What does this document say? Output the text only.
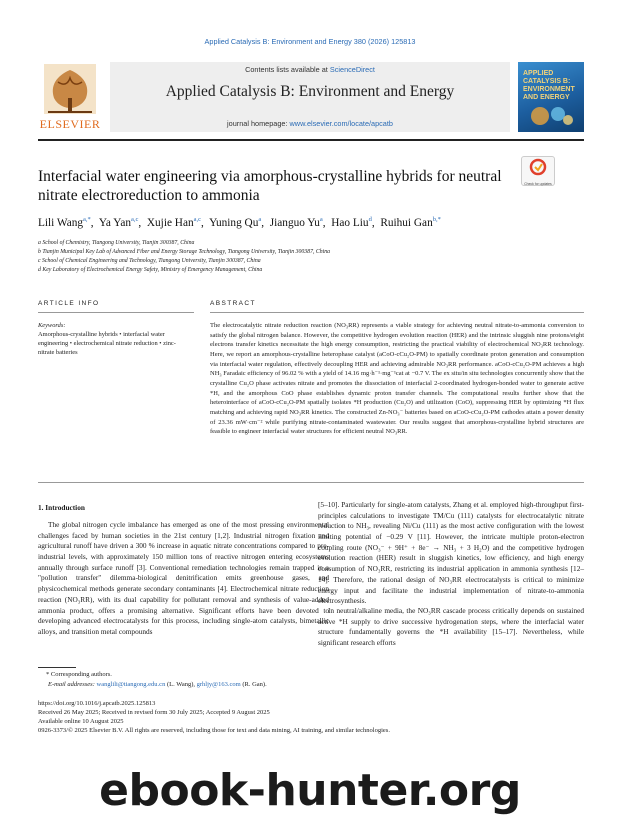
Applied Catalysis B: Environment and Energy 380 (2026) 125813
ELSEVIER
Contents lists available at ScienceDirect
Applied Catalysis B: Environment and Energy
journal homepage: www.elsevier.com/locate/apcatb
APPLIED CATALYSIS B: ENVIRONMENT AND ENERGY
Interfacial water engineering via amorphous-crystalline hybrids for neutral nitrate electroreduction to ammonia
Check for updates
Lili Wang$^{a,*}$,  Ya Yan$^{a,c}$,  Xujie Han$^{a,c}$,  Yuning Qu$^a$,  Jianguo Yu$^a$,  Hao Liu$^d$,  Ruihui Gan$^{b,*}$
a School of Chemistry, Tiangong University, Tianjin 300387, China
b Tianjin Municipal Key Lab of Advanced Fiber and Energy Storage Technology, Tiangong University, Tianjin 300387, China
c School of Chemical Engineering and Technology, Tiangong University, Tianjin 300387, China
d Key Laboratory of Electrochemical Energy Safety, Ministry of Emergency Management, China
ARTICLE INFO	ABSTRACT
Keywords:
Amorphous-crystalline hybrids • interfacial water engineering • electrochemical nitrate reduction • zinc-nitrate batteries
The electrocatalytic nitrate reduction reaction (NO₃RR) represents a viable strategy for achieving neutral nitrate-to-ammonia conversion to satisfy the global nitrogen balance. However, the competitive hydrogen evolution reaction (HER) and the intrinsic sluggish nine protons/eight electrons transfer kinetics necessitate the high energy consumption, restricting the practical viability of electrochemical NO₃RR technology. Here, we report an amorphous-crystalline heterophase catalyst (aCoO-cCu₂O-PM) to spatially coordinate proton generation and consumption via interfacial water regulation, effectively decoupling HER and achieving admirable NO₃RR performance. aCoO-cCu₂O-PM achieves a high NH₃ Faradaic efficiency of 96.02 % with a yield of 14.16 mg·h⁻¹·mg⁻¹cat at −0.7 V. The ex situ/in situ technologies concurrently show that the crystalline Cu₂O phase activates nitrate and promotes the dissociation of interfacial 2-coordinated hydrogen-bonded water to generate active *H, and the amorphous CoO phase establishes dynamic proton transfer channels. The computational results further show that the heterointerface of aCoO-cCu₂O-PM spatially isolates *H production (Cu₂O) and utilization (CoO), suppressing HER by optimizing *H flux matching and achieving rapid NO₃RR kinetics. The constructed Zn-NO₃⁻ batteries based on aCoO-cCu₂O-PM cathodes attain a power density of 23.36 mW·cm⁻² while purifying nitrate-contaminated wastewater. Our results suggest that amorphous-crystalline hybrid structures are feasible to engineer interfacial water structures for efficient neutral NO₃RR.
1. Introduction
The global nitrogen cycle imbalance has emerged as one of the most pressing environmental challenges faced by human societies in the 21st century [1,2]. Industrial nitrogen fixation and agricultural runoff have driven a 300 % increase in aquatic nitrate concentrations compared to pre-industrial levels, with approximately 150 million tons of reactive nitrogen entering ecosystems annually through surface runoff [3]. Conventional remediation technologies remain trapped in a "pollution transfer" dilemma-biological denitrification emits greenhouse gases, and physicochemical methods generate secondary contaminants [4]. Electrochemical nitrate reduction reaction (NO₃RR), with its dual capability for pollutant removal and synthesis of value-added ammonia product, offers a promising alternative. Significant efforts have been devoted to developing advanced electrocatalysts for this process, including single-atom catalysts, bimetallic alloys, and transition metal compounds
[5–10]. Particularly for single-atom catalysts, Zhang et al. employed high-throughput first-principles calculations to investigate TM/Cu (111) catalysts for electrocatalytic nitrate reduction to NH₃, revealing Ni/Cu (111) as the most active configuration with the lowest limiting potential of −0.29 V [11]. However, the intricate multiple proton-electron coupling route (NO₃⁻ + 9H⁺ + 8e⁻ → NH₃ + 3 H₂O) and the competitive hydrogen evolution reaction (HER) result in sluggish kinetics, low efficiency, and high energy consumption of NO₃RR, restricting its industrial application in ammonia synthesis [12–14]. Therefore, the rational design of NO₃RR electrocatalysts is critical to minimize energy input and facilitate the industrial implementation of nitrate-to-ammonia electrosynthesis.
In neutral/alkaline media, the NO₃RR cascade process critically depends on sustained active *H supply to drive successive hydrogenation steps, where the interfacial water structure fundamentally governs the *H availability [15–17]. Nevertheless, while significant research efforts
* Corresponding authors.
E-mail addresses: wanglili@tiangong.edu.cn (L. Wang), grhljy@163.com (R. Gan).
https://doi.org/10.1016/j.apcatb.2025.125813
Received 26 May 2025; Received in revised form 30 July 2025; Accepted 9 August 2025
Available online 10 August 2025
0926-3373/© 2025 Elsevier B.V. All rights are reserved, including those for text and data mining, AI training, and similar technologies.
ebook-hunter.org
